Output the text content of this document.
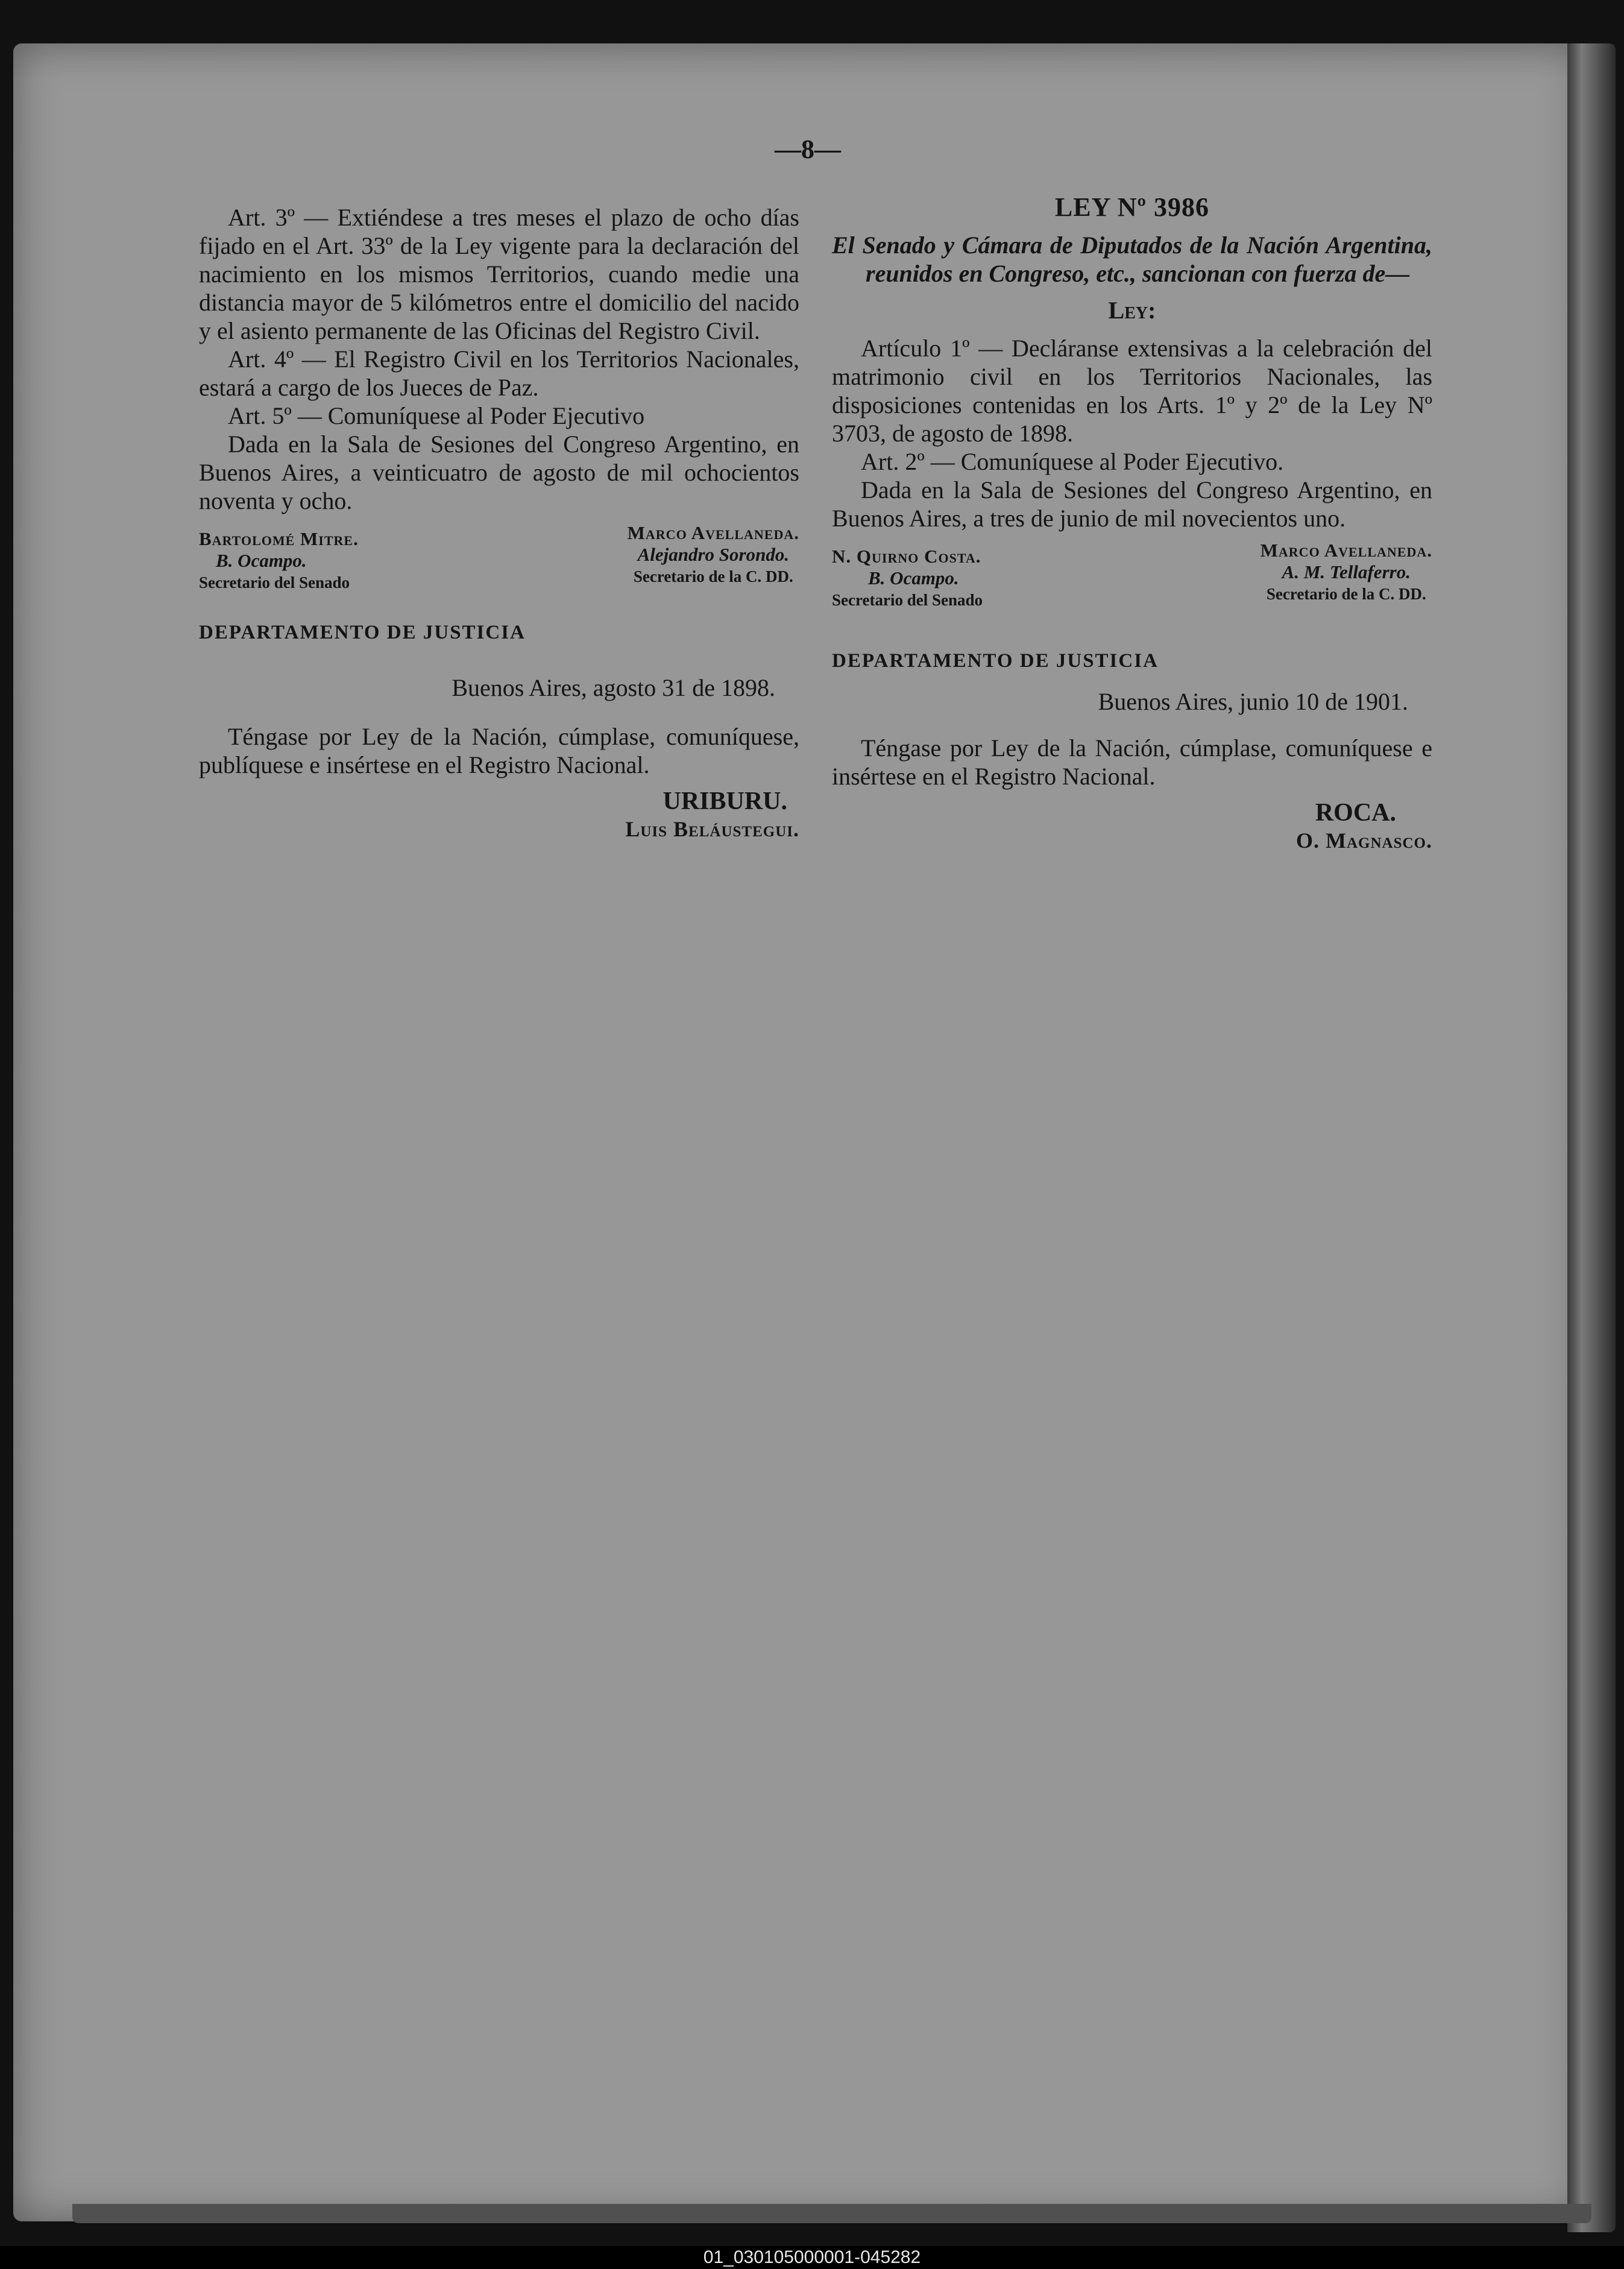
—8—

Art. 3º — Extiéndese a tres meses el plazo de ocho días fijado en el Art. 33º de la Ley vigente para la declaración del nacimiento en los mismos Territorios, cuando medie una distancia mayor de 5 kilómetros entre el domicilio del nacido y el asiento permanente de las Oficinas del Registro Civil.

Art. 4º — El Registro Civil en los Territorios Nacionales, estará a cargo de los Jueces de Paz.

Art. 5º — Comuníquese al Poder Ejecutivo

Dada en la Sala de Sesiones del Congreso Argentino, en Buenos Aires, a veinticuatro de agosto de mil ochocientos noventa y ocho.

Bartolomé Mitre.
B. Ocampo.
Secretario del Senado
Marco Avellaneda.
Alejandro Sorondo.
Secretario de la C. DD.

DEPARTAMENTO DE JUSTICIA

Buenos Aires, agosto 31 de 1898.

Téngase por Ley de la Nación, cúmplase, comuníquese, publíquese e insértese en el Registro Nacional.

URIBURU.

Luis Beláustegui.

LEY Nº 3986

El Senado y Cámara de Diputados de la Nación Argentina, reunidos en Congreso, etc., sancionan con fuerza de—

Ley:

Artículo 1º — Decláranse extensivas a la celebración del matrimonio civil en los Territorios Nacionales, las disposiciones contenidas en los Arts. 1º y 2º de la Ley Nº 3703, de agosto de 1898.

Art. 2º — Comuníquese al Poder Ejecutivo.

Dada en la Sala de Sesiones del Congreso Argentino, en Buenos Aires, a tres de junio de mil novecientos uno.

N. Quirno Costa.
B. Ocampo.
Secretario del Senado
Marco Avellaneda.
A. M. Tellaferro.
Secretario de la C. DD.

DEPARTAMENTO DE JUSTICIA

Buenos Aires, junio 10 de 1901.

Téngase por Ley de la Nación, cúmplase, comuníquese e insértese en el Registro Nacional.

ROCA.

O. Magnasco.

01_030105000001-045282
